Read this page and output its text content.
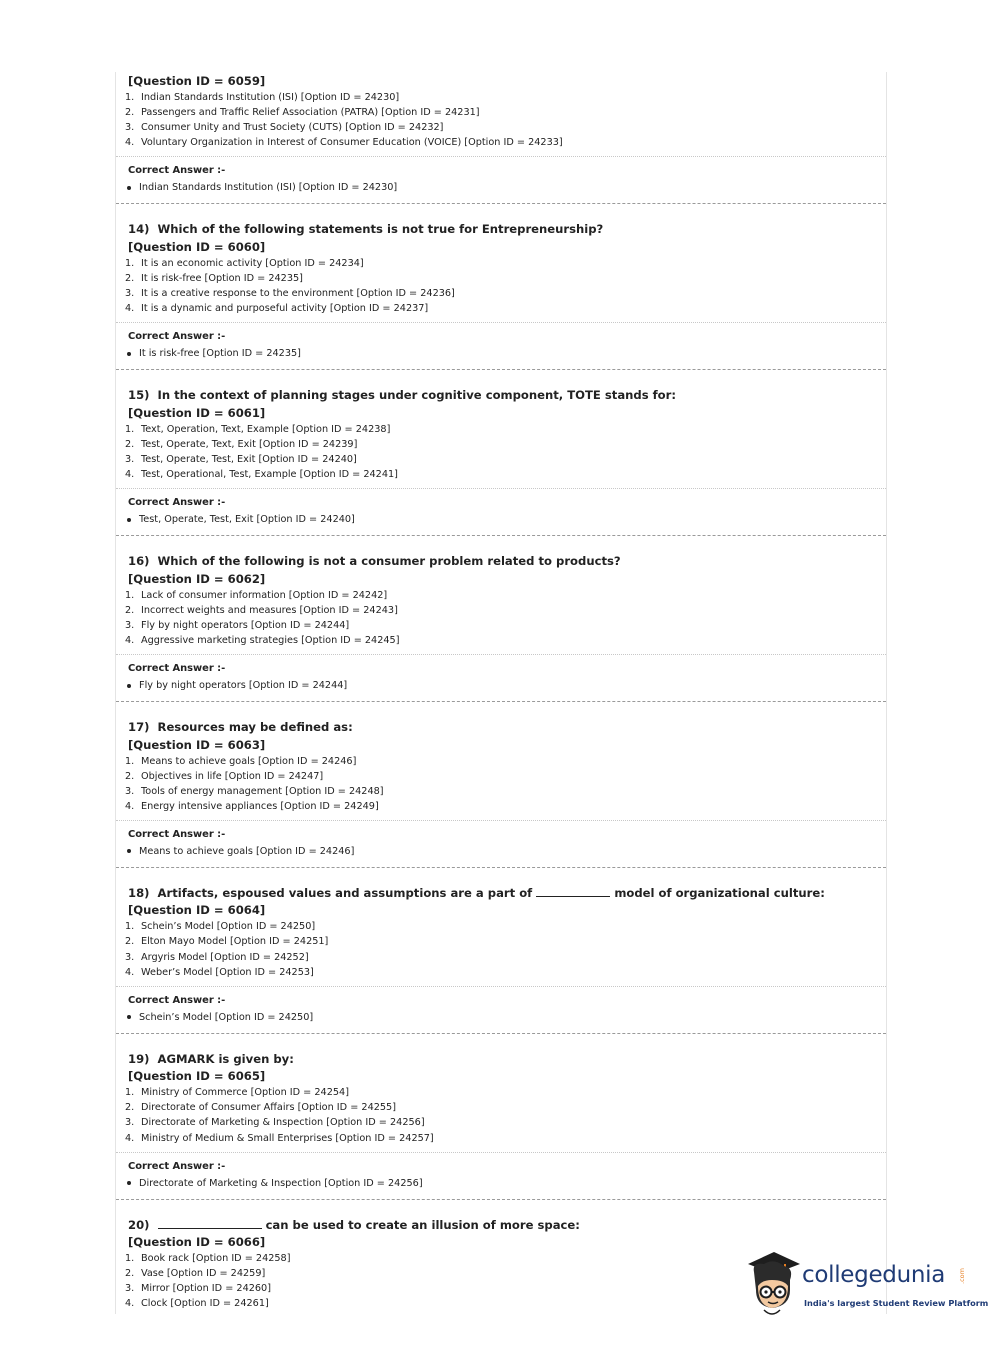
[Question ID = 6059]

1. Indian Standards Institution (ISI) [Option ID = 24230]
2. Passengers and Traffic Relief Association (PATRA) [Option ID = 24231]
3. Consumer Unity and Trust Society (CUTS) [Option ID = 24232]
4. Voluntary Organization in Interest of Consumer Education (VOICE) [Option ID = 24233]

Correct Answer :-

Indian Standards Institution (ISI) [Option ID = 24230]

14) Which of the following statements is not true for Entrepreneurship?

[Question ID = 6060]

1. It is an economic activity [Option ID = 24234]
2. It is risk-free [Option ID = 24235]
3. It is a creative response to the environment [Option ID = 24236]
4. It is a dynamic and purposeful activity [Option ID = 24237]

Correct Answer :-

It is risk-free [Option ID = 24235]

15) In the context of planning stages under cognitive component, TOTE stands for:

[Question ID = 6061]

1. Text, Operation, Text, Example [Option ID = 24238]
2. Test, Operate, Text, Exit [Option ID = 24239]
3. Test, Operate, Test, Exit [Option ID = 24240]
4. Test, Operational, Test, Example [Option ID = 24241]

Correct Answer :-

Test, Operate, Test, Exit [Option ID = 24240]

16) Which of the following is not a consumer problem related to products?

[Question ID = 6062]

1. Lack of consumer information [Option ID = 24242]
2. Incorrect weights and measures [Option ID = 24243]
3. Fly by night operators [Option ID = 24244]
4. Aggressive marketing strategies [Option ID = 24245]

Correct Answer :-

Fly by night operators [Option ID = 24244]

17) Resources may be defined as:

[Question ID = 6063]

1. Means to achieve goals [Option ID = 24246]
2. Objectives in life [Option ID = 24247]
3. Tools of energy management [Option ID = 24248]
4. Energy intensive appliances [Option ID = 24249]

Correct Answer :-

Means to achieve goals [Option ID = 24246]

18) Artifacts, espoused values and assumptions are a part of	model of organizational culture:

[Question ID = 6064]

1. Schein’s Model [Option ID = 24250]
2. Elton Mayo Model [Option ID = 24251]
3. Argyris Model [Option ID = 24252]
4. Weber’s Model [Option ID = 24253]

Correct Answer :-

Schein’s Model [Option ID = 24250]

19) AGMARK is given by:

[Question ID = 6065]

1. Ministry of Commerce [Option ID = 24254]
2. Directorate of Consumer Affairs [Option ID = 24255]
3. Directorate of Marketing & Inspection [Option ID = 24256]
4. Ministry of Medium & Small Enterprises [Option ID = 24257]

Correct Answer :-

Directorate of Marketing & Inspection [Option ID = 24256]

20)	can be used to create an illusion of more space:

[Question ID = 6066]

1. Book rack [Option ID = 24258]
2. Vase [Option ID = 24259]
3. Mirror [Option ID = 24260]
4. Clock [Option ID = 24261]
collegedunia .com
India's largest Student Review Platform
